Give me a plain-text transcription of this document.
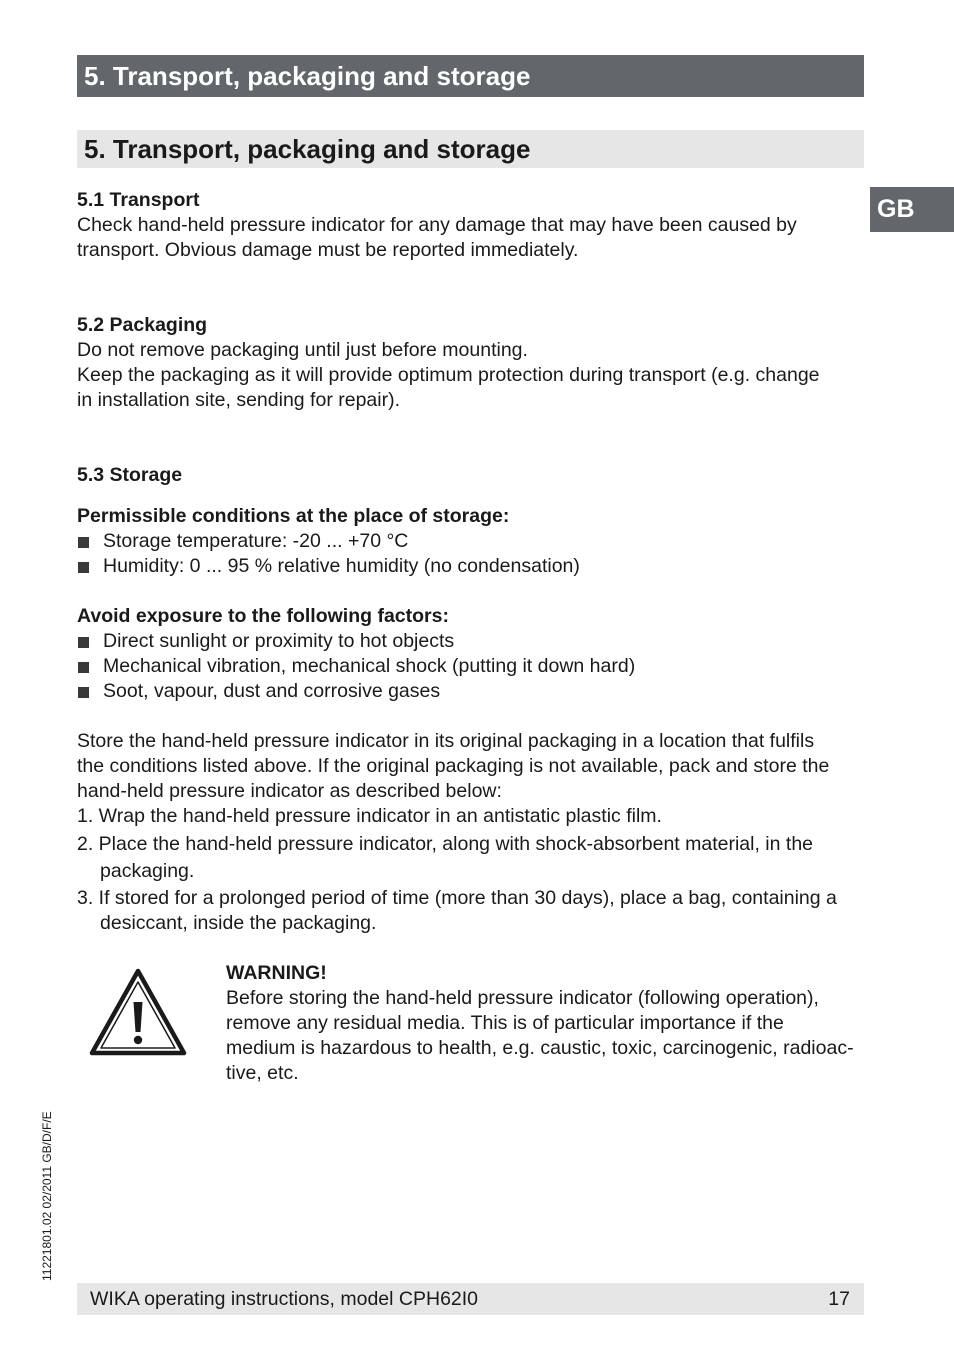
5. Transport, packaging and storage
5. Transport, packaging and storage
GB
5.1 Transport
Check hand-held pressure indicator for any damage that may have been caused by
transport. Obvious damage must be reported immediately.
5.2 Packaging
Do not remove packaging until just before mounting.
Keep the packaging as it will provide optimum protection during transport (e.g. change
in installation site, sending for repair).
5.3 Storage
Permissible conditions at the place of storage:
Storage temperature: -20 ... +70 °C
Humidity: 0 ... 95 % relative humidity (no condensation)
Avoid exposure to the following factors:
Direct sunlight or proximity to hot objects
Mechanical vibration, mechanical shock (putting it down hard)
Soot, vapour, dust and corrosive gases
Store the hand-held pressure indicator in its original packaging in a location that fulfils
the conditions listed above. If the original packaging is not available, pack and store the
hand-held pressure indicator as described below:
1. Wrap the hand-held pressure indicator in an antistatic plastic film.
2. Place the hand-held pressure indicator, along with shock-absorbent material, in the
packaging.
3. If stored for a prolonged period of time (more than 30 days), place a bag, containing a
desiccant, inside the packaging.
WARNING!
Before storing the hand-held pressure indicator (following operation),
remove any residual media. This is of particular importance if the
medium is hazardous to health, e.g. caustic, toxic, carcinogenic, radioac-
tive, etc.
11221801.02 02/2011 GB/D/F/E
WIKA operating instructions, model CPH62I0	17
